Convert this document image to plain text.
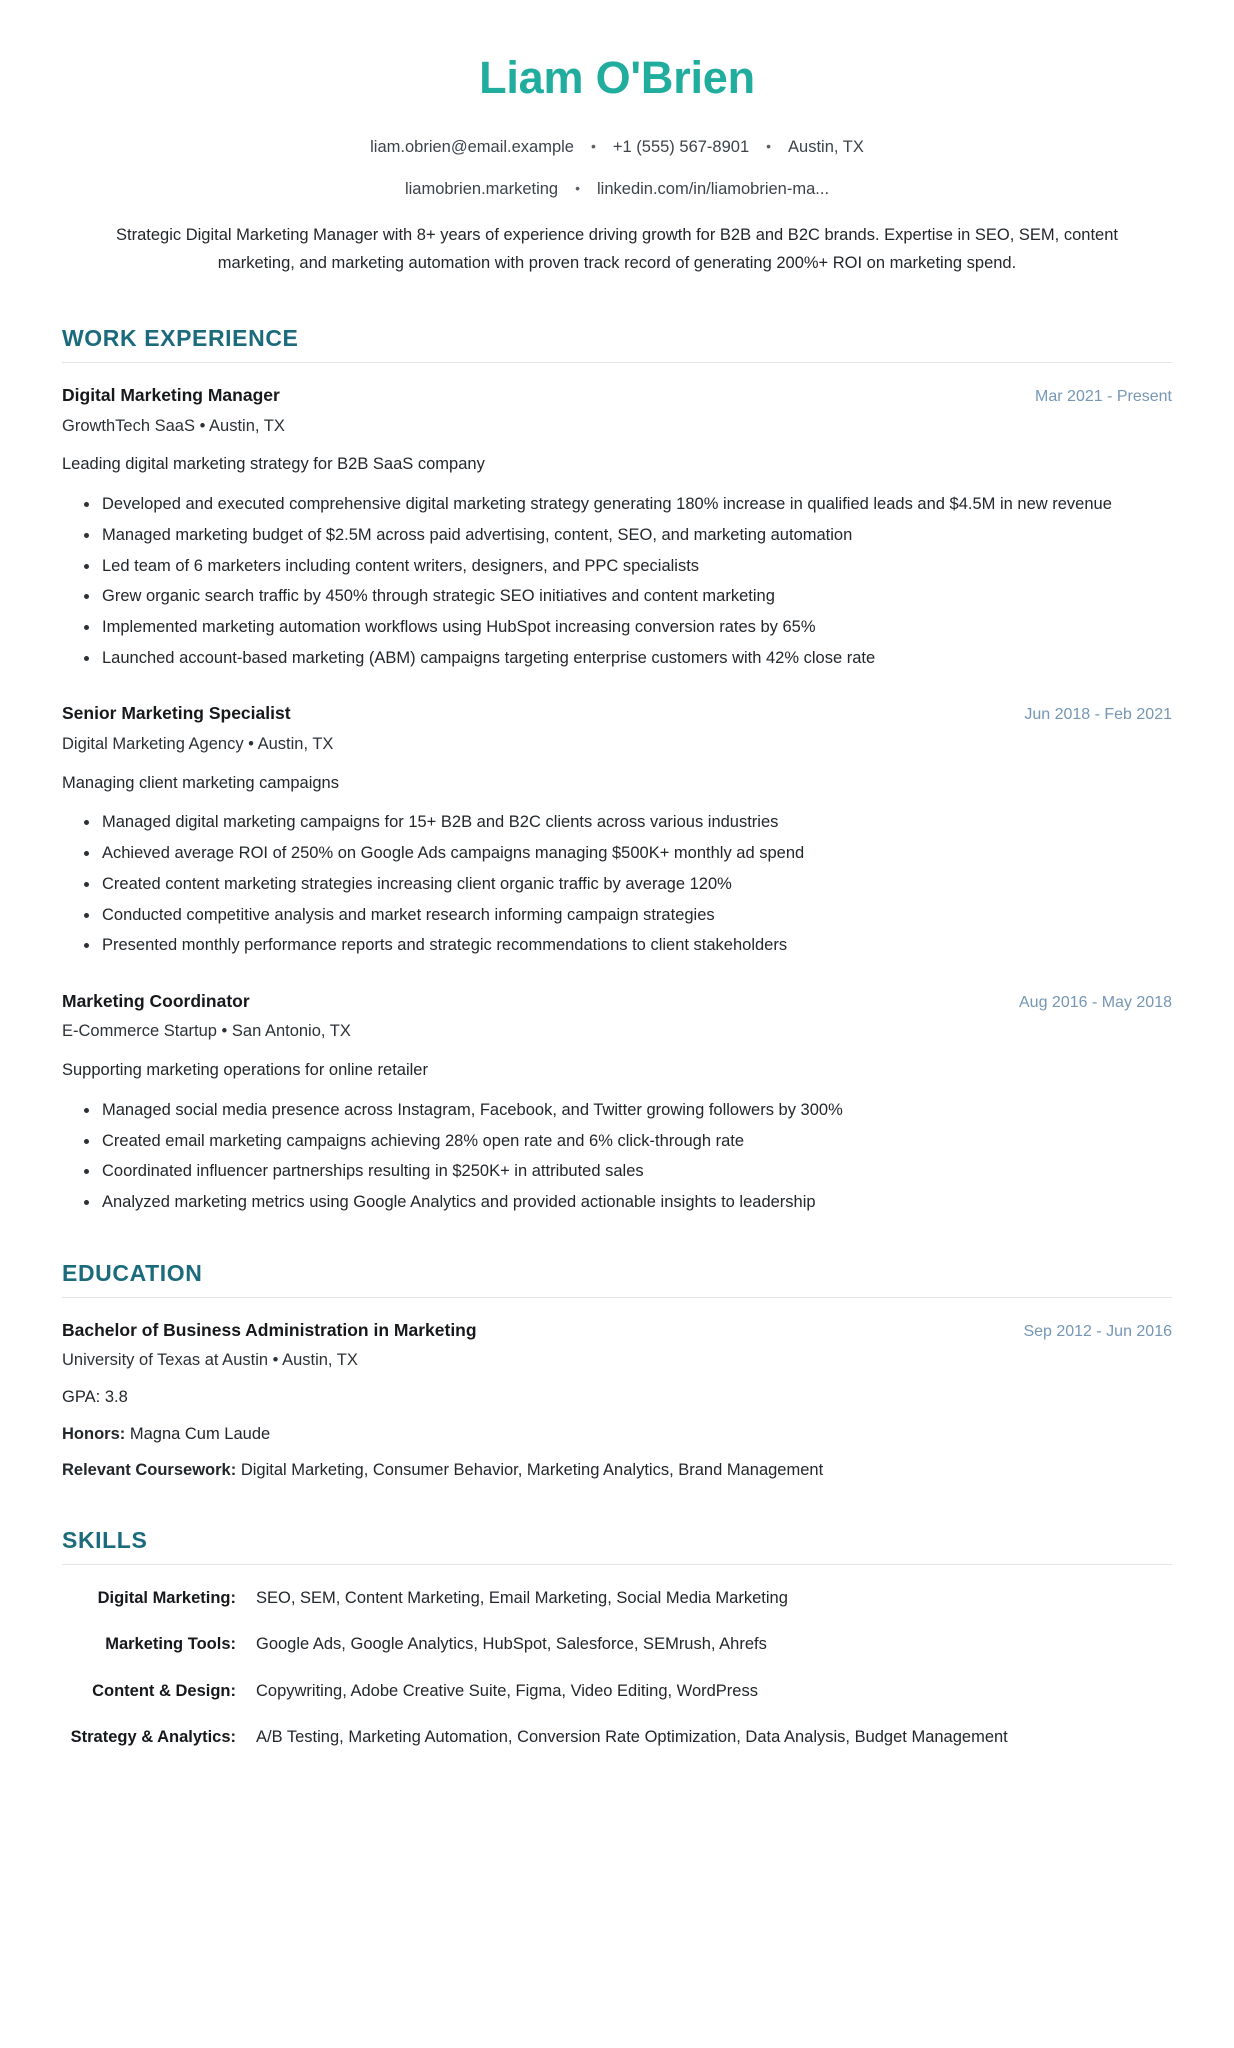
Liam O'Brien
liam.obrien@email.example	•	+1 (555) 567-8901	•	Austin, TX
liamobrien.marketing	•	linkedin.com/in/liamobrien-ma...

Strategic Digital Marketing Manager with 8+ years of experience driving growth for B2B and B2C brands. Expertise in SEO, SEM, content marketing, and marketing automation with proven track record of generating 200%+ ROI on marketing spend.

WORK EXPERIENCE
Digital Marketing Manager	Mar 2021 - Present
GrowthTech SaaS • Austin, TX
Leading digital marketing strategy for B2B SaaS company
Developed and executed comprehensive digital marketing strategy generating 180% increase in qualified leads and $4.5M in new revenue
Managed marketing budget of $2.5M across paid advertising, content, SEO, and marketing automation
Led team of 6 marketers including content writers, designers, and PPC specialists
Grew organic search traffic by 450% through strategic SEO initiatives and content marketing
Implemented marketing automation workflows using HubSpot increasing conversion rates by 65%
Launched account-based marketing (ABM) campaigns targeting enterprise customers with 42% close rate
Senior Marketing Specialist	Jun 2018 - Feb 2021
Digital Marketing Agency • Austin, TX
Managing client marketing campaigns
Managed digital marketing campaigns for 15+ B2B and B2C clients across various industries
Achieved average ROI of 250% on Google Ads campaigns managing $500K+ monthly ad spend
Created content marketing strategies increasing client organic traffic by average 120%
Conducted competitive analysis and market research informing campaign strategies
Presented monthly performance reports and strategic recommendations to client stakeholders
Marketing Coordinator	Aug 2016 - May 2018
E-Commerce Startup • San Antonio, TX
Supporting marketing operations for online retailer
Managed social media presence across Instagram, Facebook, and Twitter growing followers by 300%
Created email marketing campaigns achieving 28% open rate and 6% click-through rate
Coordinated influencer partnerships resulting in $250K+ in attributed sales
Analyzed marketing metrics using Google Analytics and provided actionable insights to leadership
EDUCATION
Bachelor of Business Administration in Marketing	Sep 2012 - Jun 2016
University of Texas at Austin • Austin, TX
GPA: 3.8
Honors: Magna Cum Laude
Relevant Coursework: Digital Marketing, Consumer Behavior, Marketing Analytics, Brand Management
SKILLS
Digital Marketing:	SEO, SEM, Content Marketing, Email Marketing, Social Media Marketing
Marketing Tools:	Google Ads, Google Analytics, HubSpot, Salesforce, SEMrush, Ahrefs
Content & Design:	Copywriting, Adobe Creative Suite, Figma, Video Editing, WordPress
Strategy & Analytics:	A/B Testing, Marketing Automation, Conversion Rate Optimization, Data Analysis, Budget Management
